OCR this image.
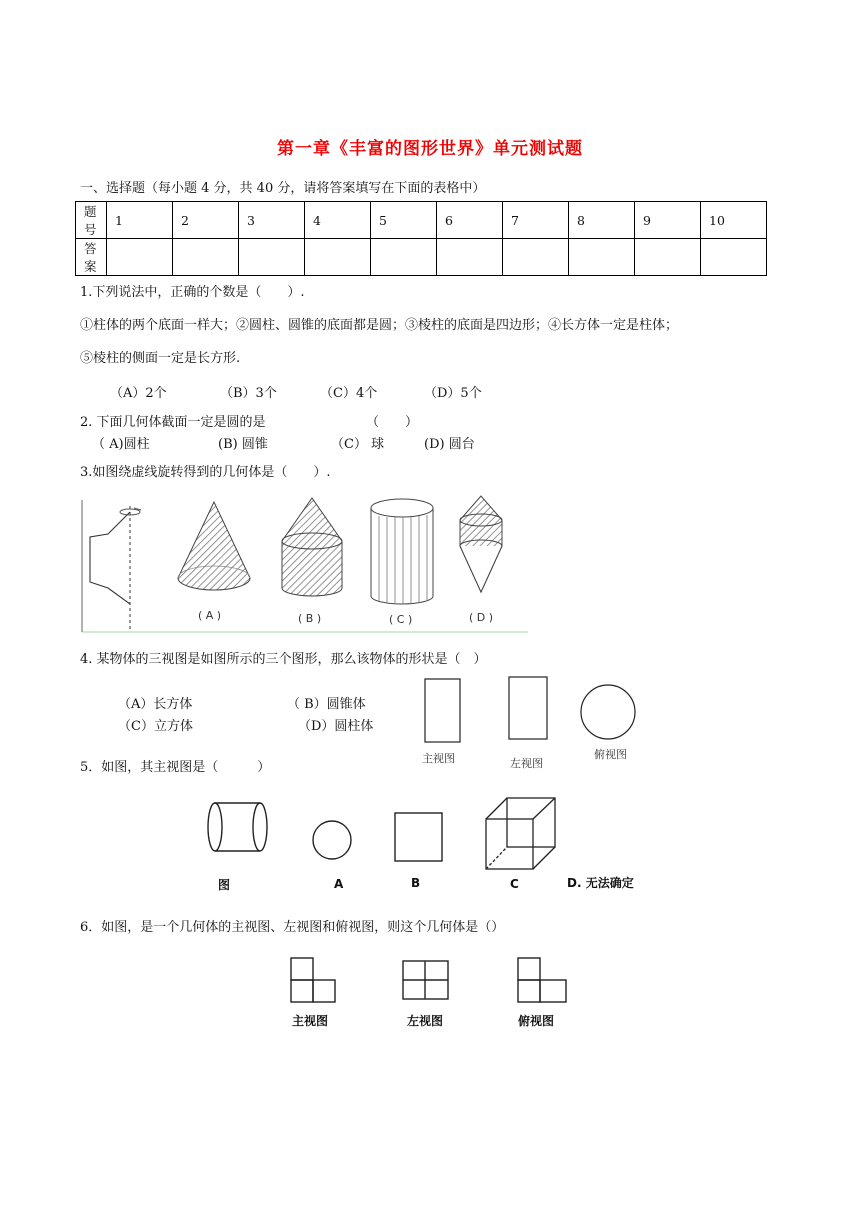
第一章《丰富的图形世界》单元测试题
一、选择题（每小题 4 分，共 40 分，请将答案填写在下面的表格中）
题号	1	2	3	4	5	6	7	8	9	10
答案										
1.下列说法中，正确的个数是（　　）.
①柱体的两个底面一样大；②圆柱、圆锥的底面都是圆；③棱柱的底面是四边形；④长方体一定是柱体；
⑤棱柱的侧面一定是长方形.
（A）2个	（B）3个	（C）4个	（D）5个
2. 下面几何体截面一定是圆的是	（　　）
（ A)圆柱	(B) 圆锥	（C） 球	(D) 圆台
3.如图绕虚线旋转得到的几何体是（　　）.
( A )	( B )	( C )	( D )
4. 某物体的三视图是如图所示的三个图形，那么该物体的形状是（　）
（A）长方体	（ B）圆锥体
（C）立方体	（D）圆柱体
主视图	左视图
俯视图
5．如图，其主视图是（　　　）
图	A	B	C	D. 无法确定
6．如图，是一个几何体的主视图、左视图和俯视图，则这个几何体是（）
主视图	左视图	俯视图
